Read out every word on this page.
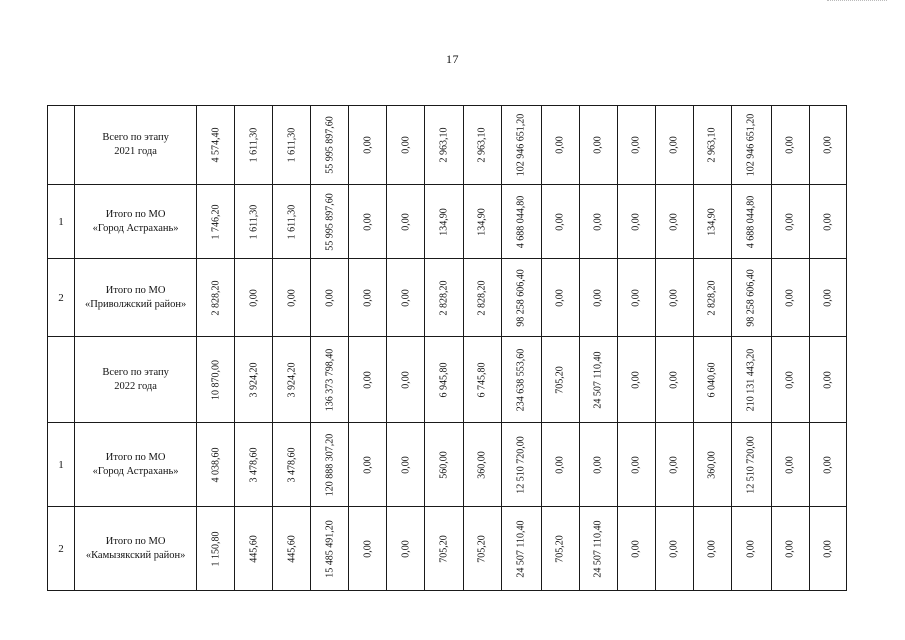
17

	Всего по этапу
2021 года	4 574,40	1 611,30	1 611,30	55 995 897,60	0,00	0,00	2 963,10	2 963,10	102 946 651,20	0,00	0,00	0,00	0,00	2 963,10	102 946 651,20	0,00	0,00

1	Итого по МО
«Город Астрахань»	1 746,20	1 611,30	1 611,30	55 995 897,60	0,00	0,00	134,90	134,90	4 688 044,80	0,00	0,00	0,00	0,00	134,90	4 688 044,80	0,00	0,00

2	Итого по МО
«Приволжский район»	2 828,20	0,00	0,00	0,00	0,00	0,00	2 828,20	2 828,20	98 258 606,40	0,00	0,00	0,00	0,00	2 828,20	98 258 606,40	0,00	0,00

	Всего по этапу
2022 года	10 870,00	3 924,20	3 924,20	136 373 798,40	0,00	0,00	6 945,80	6 745,80	234 638 553,60	705,20	24 507 110,40	0,00	0,00	6 040,60	210 131 443,20	0,00	0,00

1	Итого по МО
«Город Астрахань»	4 038,60	3 478,60	3 478,60	120 888 307,20	0,00	0,00	560,00	360,00	12 510 720,00	0,00	0,00	0,00	0,00	360,00	12 510 720,00	0,00	0,00

2	Итого по МО
«Камызякский район»	1 150,80	445,60	445,60	15 485 491,20	0,00	0,00	705,20	705,20	24 507 110,40	705,20	24 507 110,40	0,00	0,00	0,00	0,00	0,00	0,00
